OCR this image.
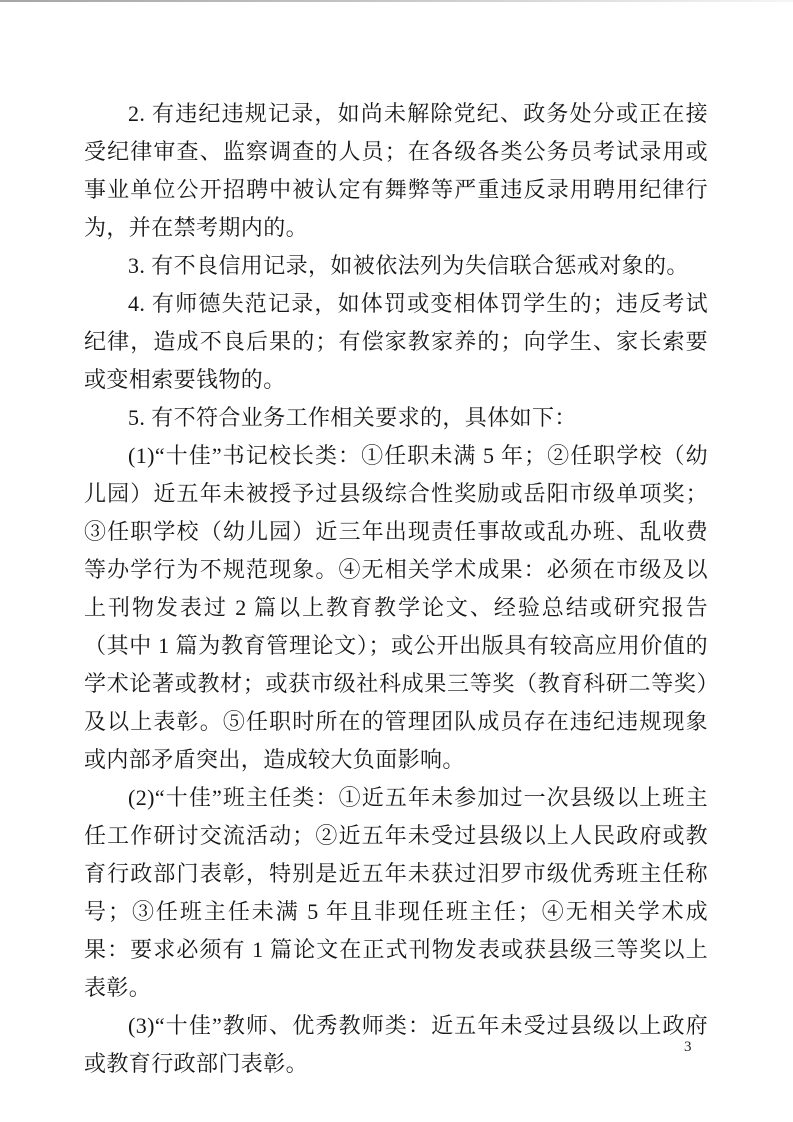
2. 有违纪违规记录，如尚未解除党纪、政务处分或正在接受纪律审查、监察调查的人员；在各级各类公务员考试录用或事业单位公开招聘中被认定有舞弊等严重违反录用聘用纪律行为，并在禁考期内的。

3. 有不良信用记录，如被依法列为失信联合惩戒对象的。

4. 有师德失范记录，如体罚或变相体罚学生的；违反考试纪律，造成不良后果的；有偿家教家养的；向学生、家长索要或变相索要钱物的。

5. 有不符合业务工作相关要求的，具体如下：

(1)“十佳”书记校长类：①任职未满 5 年；②任职学校（幼儿园）近五年未被授予过县级综合性奖励或岳阳市级单项奖；③任职学校（幼儿园）近三年出现责任事故或乱办班、乱收费等办学行为不规范现象。④无相关学术成果：必须在市级及以上刊物发表过 2 篇以上教育教学论文、经验总结或研究报告（其中 1 篇为教育管理论文）；或公开出版具有较高应用价值的学术论著或教材；或获市级社科成果三等奖（教育科研二等奖）及以上表彰。⑤任职时所在的管理团队成员存在违纪违规现象或内部矛盾突出，造成较大负面影响。

(2)“十佳”班主任类：①近五年未参加过一次县级以上班主任工作研讨交流活动；②近五年未受过县级以上人民政府或教育行政部门表彰，特别是近五年未获过汨罗市级优秀班主任称号；③任班主任未满 5 年且非现任班主任；④无相关学术成果：要求必须有 1 篇论文在正式刊物发表或获县级三等奖以上表彰。

(3)“十佳”教师、优秀教师类：近五年未受过县级以上政府或教育行政部门表彰。

3
